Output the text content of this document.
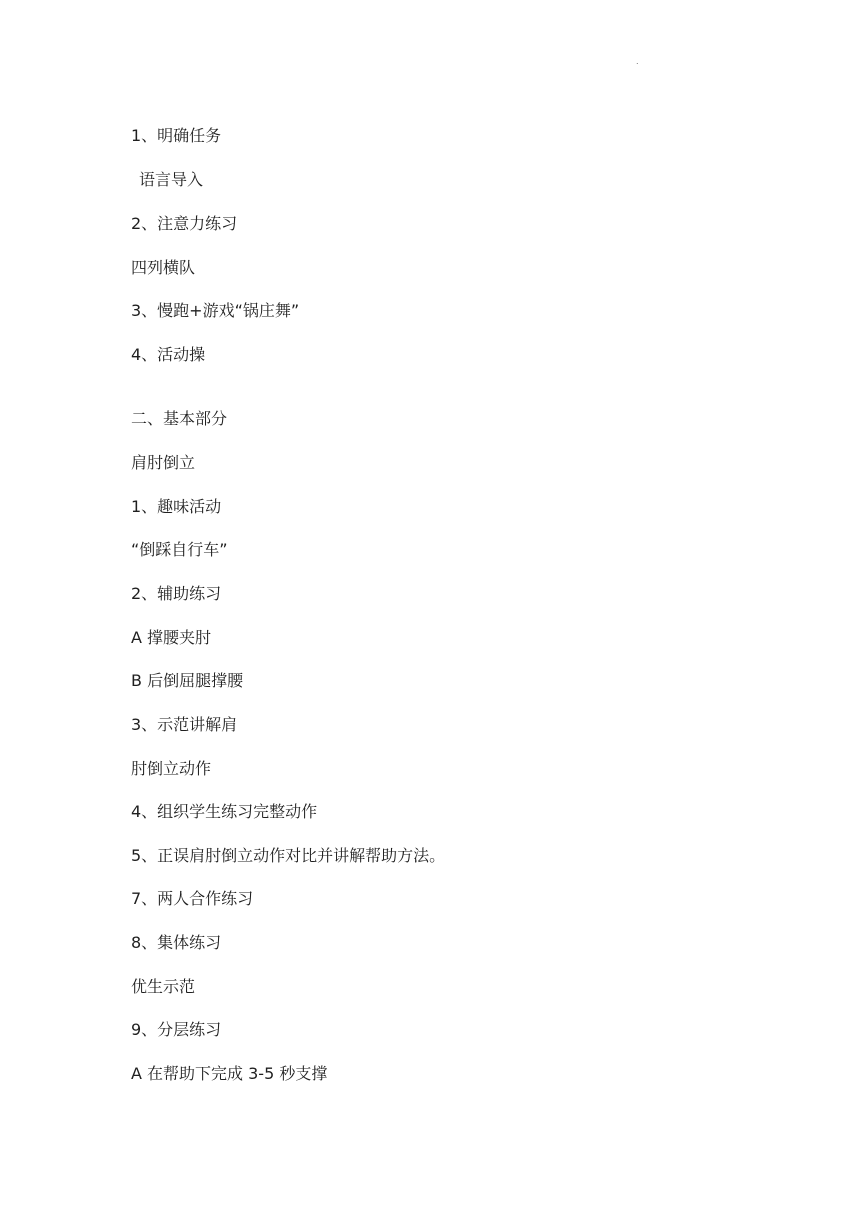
.
1、明确任务
语言导入
2、注意力练习
四列横队
3、慢跑+游戏“锅庄舞”
4、活动操
二、基本部分
肩肘倒立
1、趣味活动
“倒踩自行车”
2、辅助练习
A 撑腰夹肘
B 后倒屈腿撑腰
3、示范讲解肩
肘倒立动作
4、组织学生练习完整动作
5、正误肩肘倒立动作对比并讲解帮助方法。
7、两人合作练习
8、集体练习
优生示范
9、分层练习
A 在帮助下完成 3-5 秒支撑
